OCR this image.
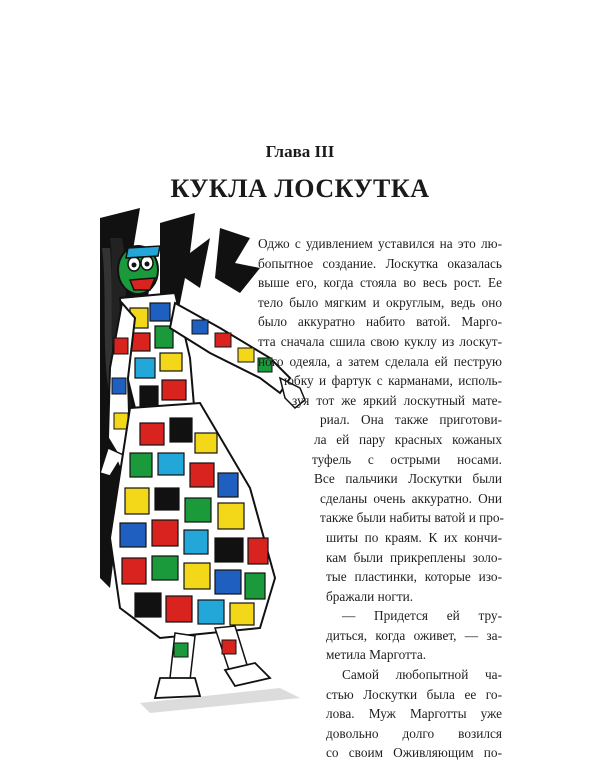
Глава III
КУКЛА ЛОСКУТКА
Оджо с удивлением уставился на это лю-
бопытное создание. Лоскутка оказалась
выше его, когда стояла во весь рост. Ее
тело было мягким и округлым, ведь оно
было аккуратно набито ватой. Марго-
тта сначала сшила свою куклу из лоскут-
ного одеяла, а затем сделала ей пеструю
юбку и фартук с карманами, исполь-
зуя тот же яркий лоскутный мате-
риал. Она также приготови-
ла ей пару красных кожаных
туфель с острыми носами.
Все пальчики Лоскутки были
сделаны очень аккуратно. Они
также были набиты ватой и про-
шиты по краям. К их кончи-
кам были прикреплены золо-
тые пластинки, которые изо-
бражали ногти.
— Придется ей тру-
диться, когда оживет, — за-
метила Марготта.
Самой любопытной ча-
стью Лоскутки была ее го-
лова. Муж Марготты уже
довольно долго возился
со своим Оживляющим по-
